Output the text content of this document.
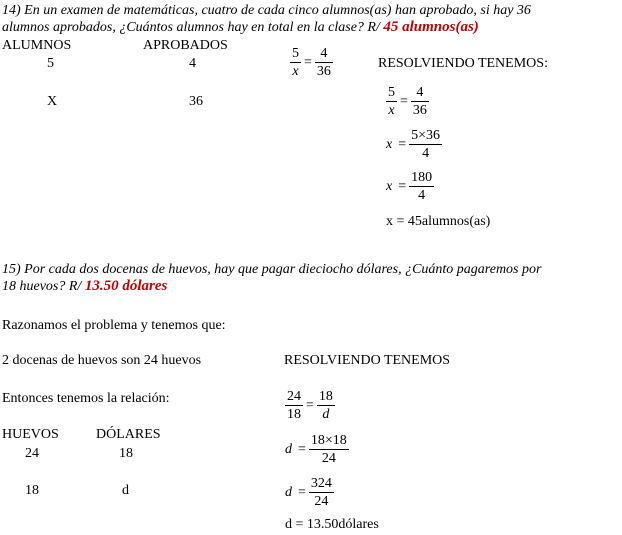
14) En un examen de matemáticas, cuatro de cada cinco alumnos(as) han aprobado, si hay 36
alumnos aprobados, ¿Cuántos alumnos hay en total en la clase? R/ 45 alumnos(as)
ALUMNOS	APROBADOS
5	4
X	36
$\frac{5}{x} = \frac{4}{36}$	RESOLVIENDO TENEMOS:
$\frac{5}{x} = \frac{4}{36}$
$x = \frac{5\times 36}{4}$
$x = \frac{180}{4}$
x = 45alumnos(as)
15) Por cada dos docenas de huevos, hay que pagar dieciocho dólares, ¿Cuánto pagaremos por
18 huevos? R/ 13.50 dólares
Razonamos el problema y tenemos que:
2 docenas de huevos son 24 huevos	RESOLVIENDO TENEMOS
Entonces tenemos la relación:
HUEVOS	DÓLARES
24	18
18	d
$\frac{24}{18} = \frac{18}{d}$
$d = \frac{18\times 18}{24}$
$d = \frac{324}{24}$
d = 13.50dólares
